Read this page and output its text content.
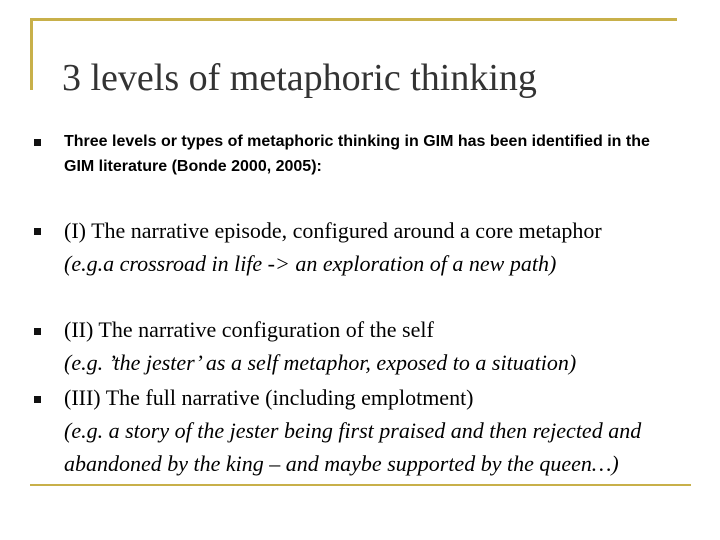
3 levels of metaphoric thinking

Three levels or types of metaphoric thinking in GIM has been identified in the GIM literature (Bonde 2000, 2005):

(I) The narrative episode, configured around a core metaphor
(e.g.a crossroad in life -> an exploration of a new path)
(II) The narrative configuration of the self
(e.g. ’the jester’ as a self metaphor, exposed to a situation)
(III) The full narrative (including emplotment)
(e.g. a story of the jester being first praised and then rejected and abandoned by the king – and maybe supported by the queen…)
